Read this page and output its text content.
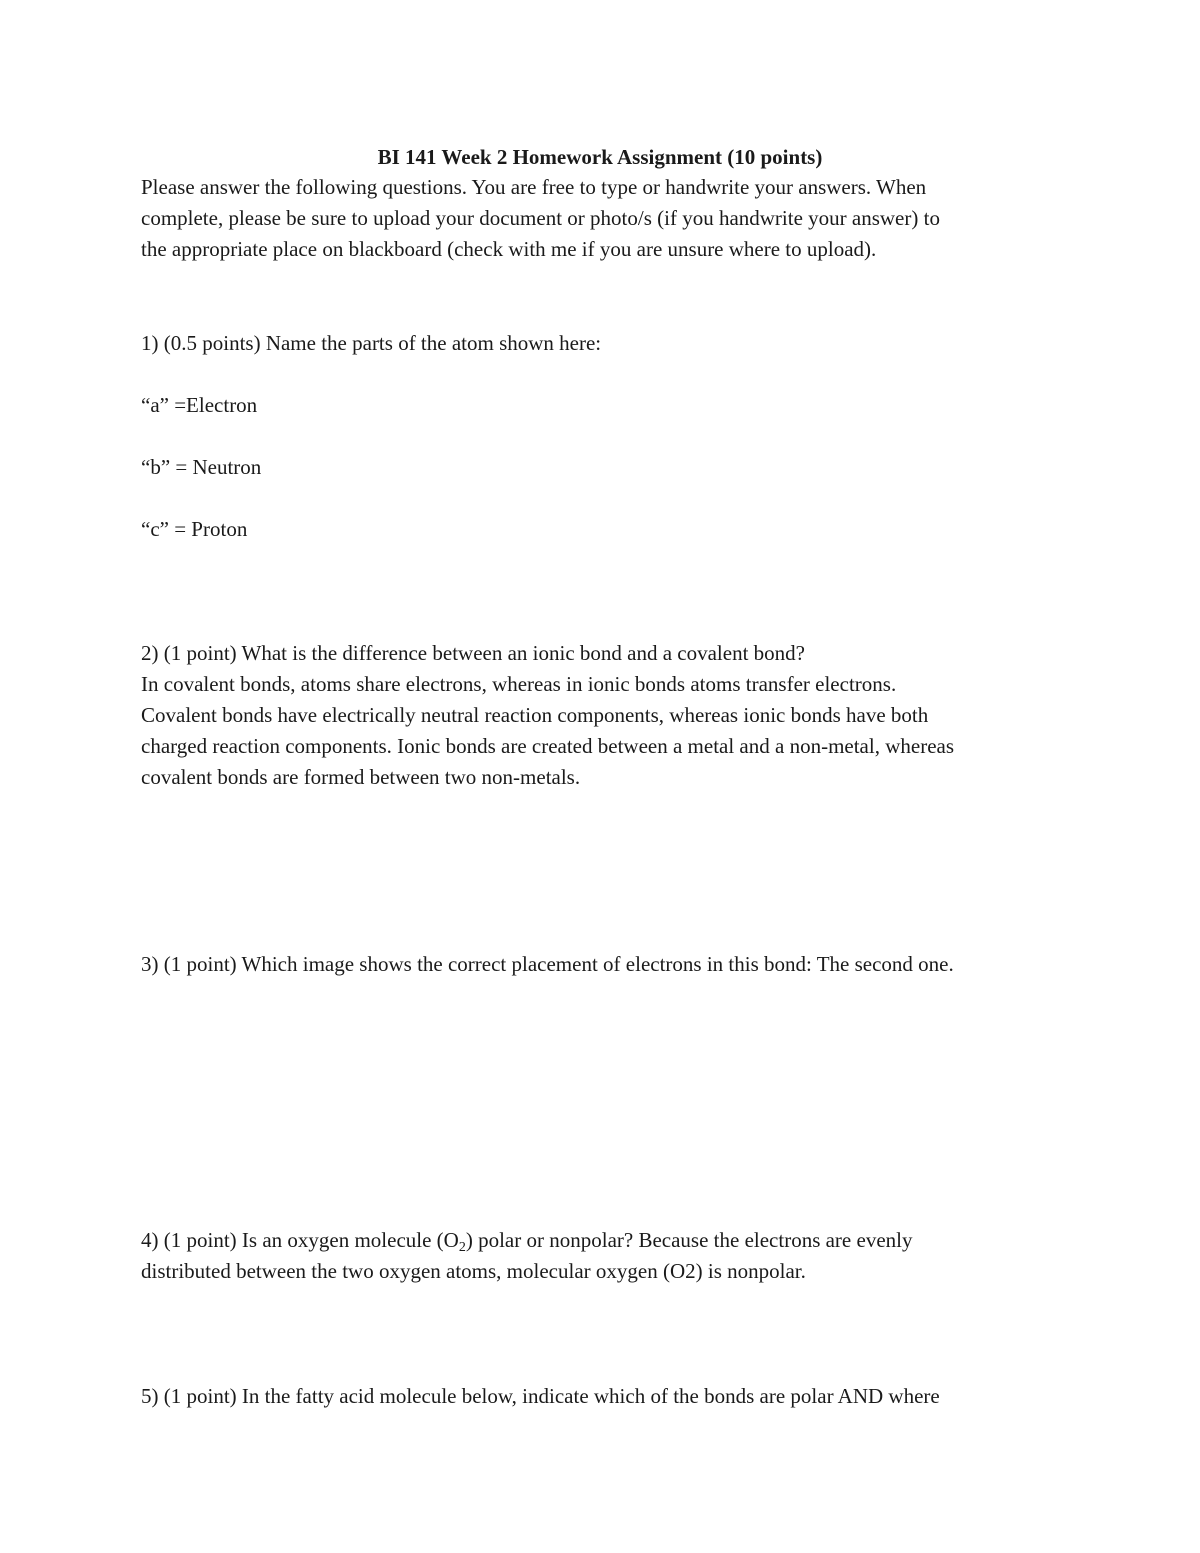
BI 141 Week 2 Homework Assignment (10 points)
Please answer the following questions. You are free to type or handwrite your answers. When
complete, please be sure to upload your document or photo/s (if you handwrite your answer) to
the appropriate place on blackboard (check with me if you are unsure where to upload).
1) (0.5 points) Name the parts of the atom shown here:
“a” =Electron
“b” = Neutron
“c” = Proton
2) (1 point) What is the difference between an ionic bond and a covalent bond?
In covalent bonds, atoms share electrons, whereas in ionic bonds atoms transfer electrons.
Covalent bonds have electrically neutral reaction components, whereas ionic bonds have both
charged reaction components. Ionic bonds are created between a metal and a non-metal, whereas
covalent bonds are formed between two non-metals.
3) (1 point) Which image shows the correct placement of electrons in this bond: The second one.
4) (1 point) Is an oxygen molecule $(O_2)$ polar or nonpolar? Because the electrons are evenly
distributed between the two oxygen atoms, molecular oxygen (O2) is nonpolar.
5) (1 point) In the fatty acid molecule below, indicate which of the bonds are polar AND where
